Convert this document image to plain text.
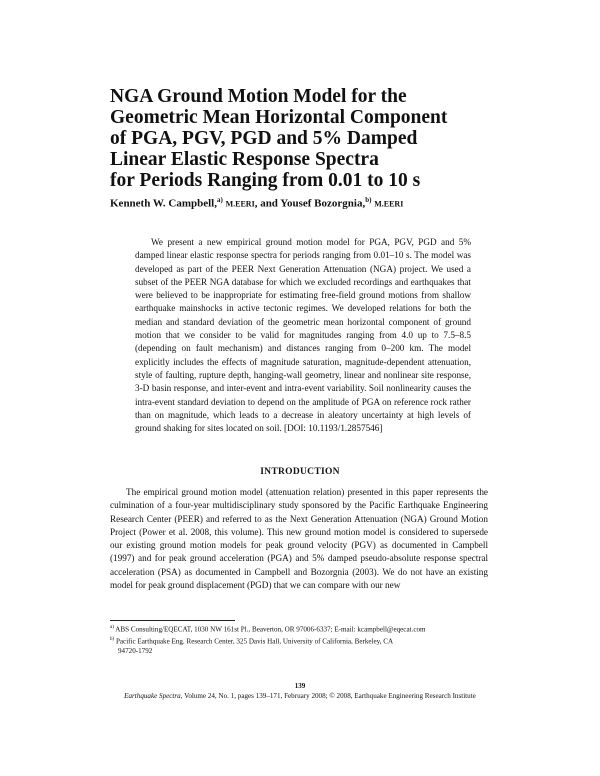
NGA Ground Motion Model for the
Geometric Mean Horizontal Component
of PGA, PGV, PGD and 5% Damped
Linear Elastic Response Spectra
for Periods Ranging from 0.01 to 10 s

Kenneth W. Campbell,$^{a)}$ M.EERI, and Yousef Bozorgnia,$^{b)}$ M.EERI

We present a new empirical ground motion model for PGA, PGV, PGD and 5% damped linear elastic response spectra for periods ranging from 0.01–10 s. The model was developed as part of the PEER Next Generation Attenuation (NGA) project. We used a subset of the PEER NGA database for which we excluded recordings and earthquakes that were believed to be inappropriate for estimating free-field ground motions from shallow earthquake mainshocks in active tectonic regimes. We developed relations for both the median and standard deviation of the geometric mean horizontal component of ground motion that we consider to be valid for magnitudes ranging from 4.0 up to 7.5–8.5 (depending on fault mechanism) and distances ranging from 0–200 km. The model explicitly includes the effects of magnitude saturation, magnitude-dependent attenuation, style of faulting, rupture depth, hanging-wall geometry, linear and nonlinear site response, 3-D basin response, and inter-event and intra-event variability. Soil nonlinearity causes the intra-event standard deviation to depend on the amplitude of PGA on reference rock rather than on magnitude, which leads to a decrease in aleatory uncertainty at high levels of ground shaking for sites located on soil. [DOI: 10.1193/1.2857546]

INTRODUCTION

The empirical ground motion model (attenuation relation) presented in this paper represents the culmination of a four-year multidisciplinary study sponsored by the Pacific Earthquake Engineering Research Center (PEER) and referred to as the Next Generation Attenuation (NGA) Ground Motion Project (Power et al. 2008, this volume). This new ground motion model is considered to supersede our existing ground motion models for peak ground velocity (PGV) as documented in Campbell (1997) and for peak ground acceleration (PGA) and 5% damped pseudo-absolute response spectral acceleration (PSA) as documented in Campbell and Bozorgnia (2003). We do not have an existing model for peak ground displacement (PGD) that we can compare with our new

$^{a)}$ ABS Consulting/EQECAT, 1030 NW 161st Pl., Beaverton, OR 97006-6337; E-mail: kcampbell@eqecat.com

$^{b)}$ Pacific Earthquake Eng. Research Center, 325 Davis Hall, University of California, Berkeley, CA

94720-1792

139

Earthquake Spectra, Volume 24, No. 1, pages 139–171, February 2008; © 2008, Earthquake Engineering Research Institute
